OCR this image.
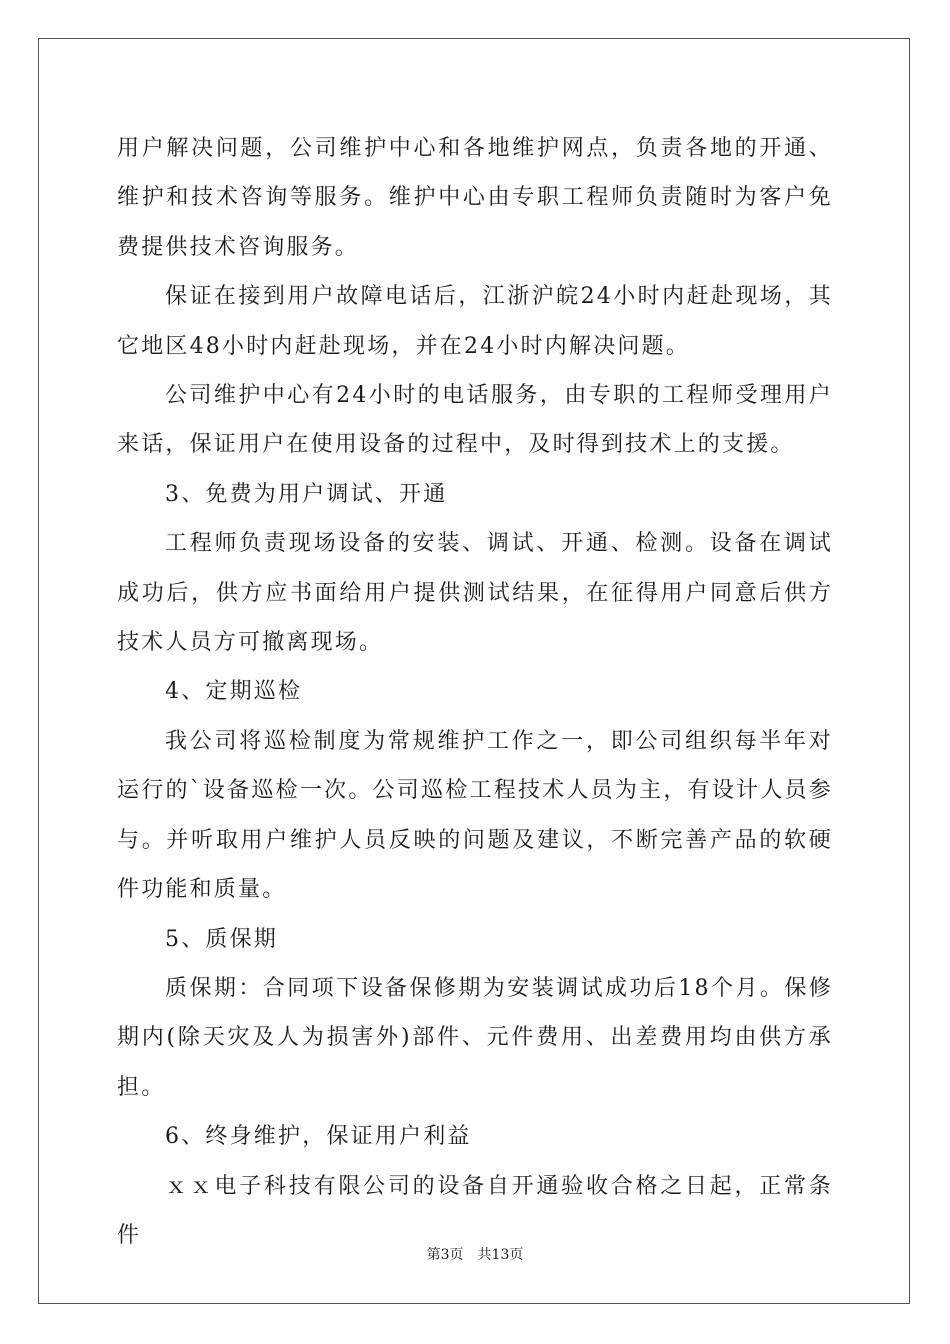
用户解决问题，公司维护中心和各地维护网点，负责各地的开通、维护和技术咨询等服务。维护中心由专职工程师负责随时为客户免费提供技术咨询服务。

保证在接到用户故障电话后，江浙沪皖24小时内赶赴现场，其它地区48小时内赶赴现场，并在24小时内解决问题。

公司维护中心有24小时的电话服务，由专职的工程师受理用户来话，保证用户在使用设备的过程中，及时得到技术上的支援。

3、免费为用户调试、开通

工程师负责现场设备的安装、调试、开通、检测。设备在调试成功后，供方应书面给用户提供测试结果，在征得用户同意后供方技术人员方可撤离现场。

4、定期巡检

我公司将巡检制度为常规维护工作之一，即公司组织每半年对运行的`设备巡检一次。公司巡检工程技术人员为主，有设计人员参与。并听取用户维护人员反映的问题及建议，不断完善产品的软硬件功能和质量。

5、质保期

质保期：合同项下设备保修期为安装调试成功后18个月。保修期内(除天灾及人为损害外)部件、元件费用、出差费用均由供方承担。

6、终身维护，保证用户利益

ｘｘ电子科技有限公司的设备自开通验收合格之日起，正常条件

第3页　共13页
